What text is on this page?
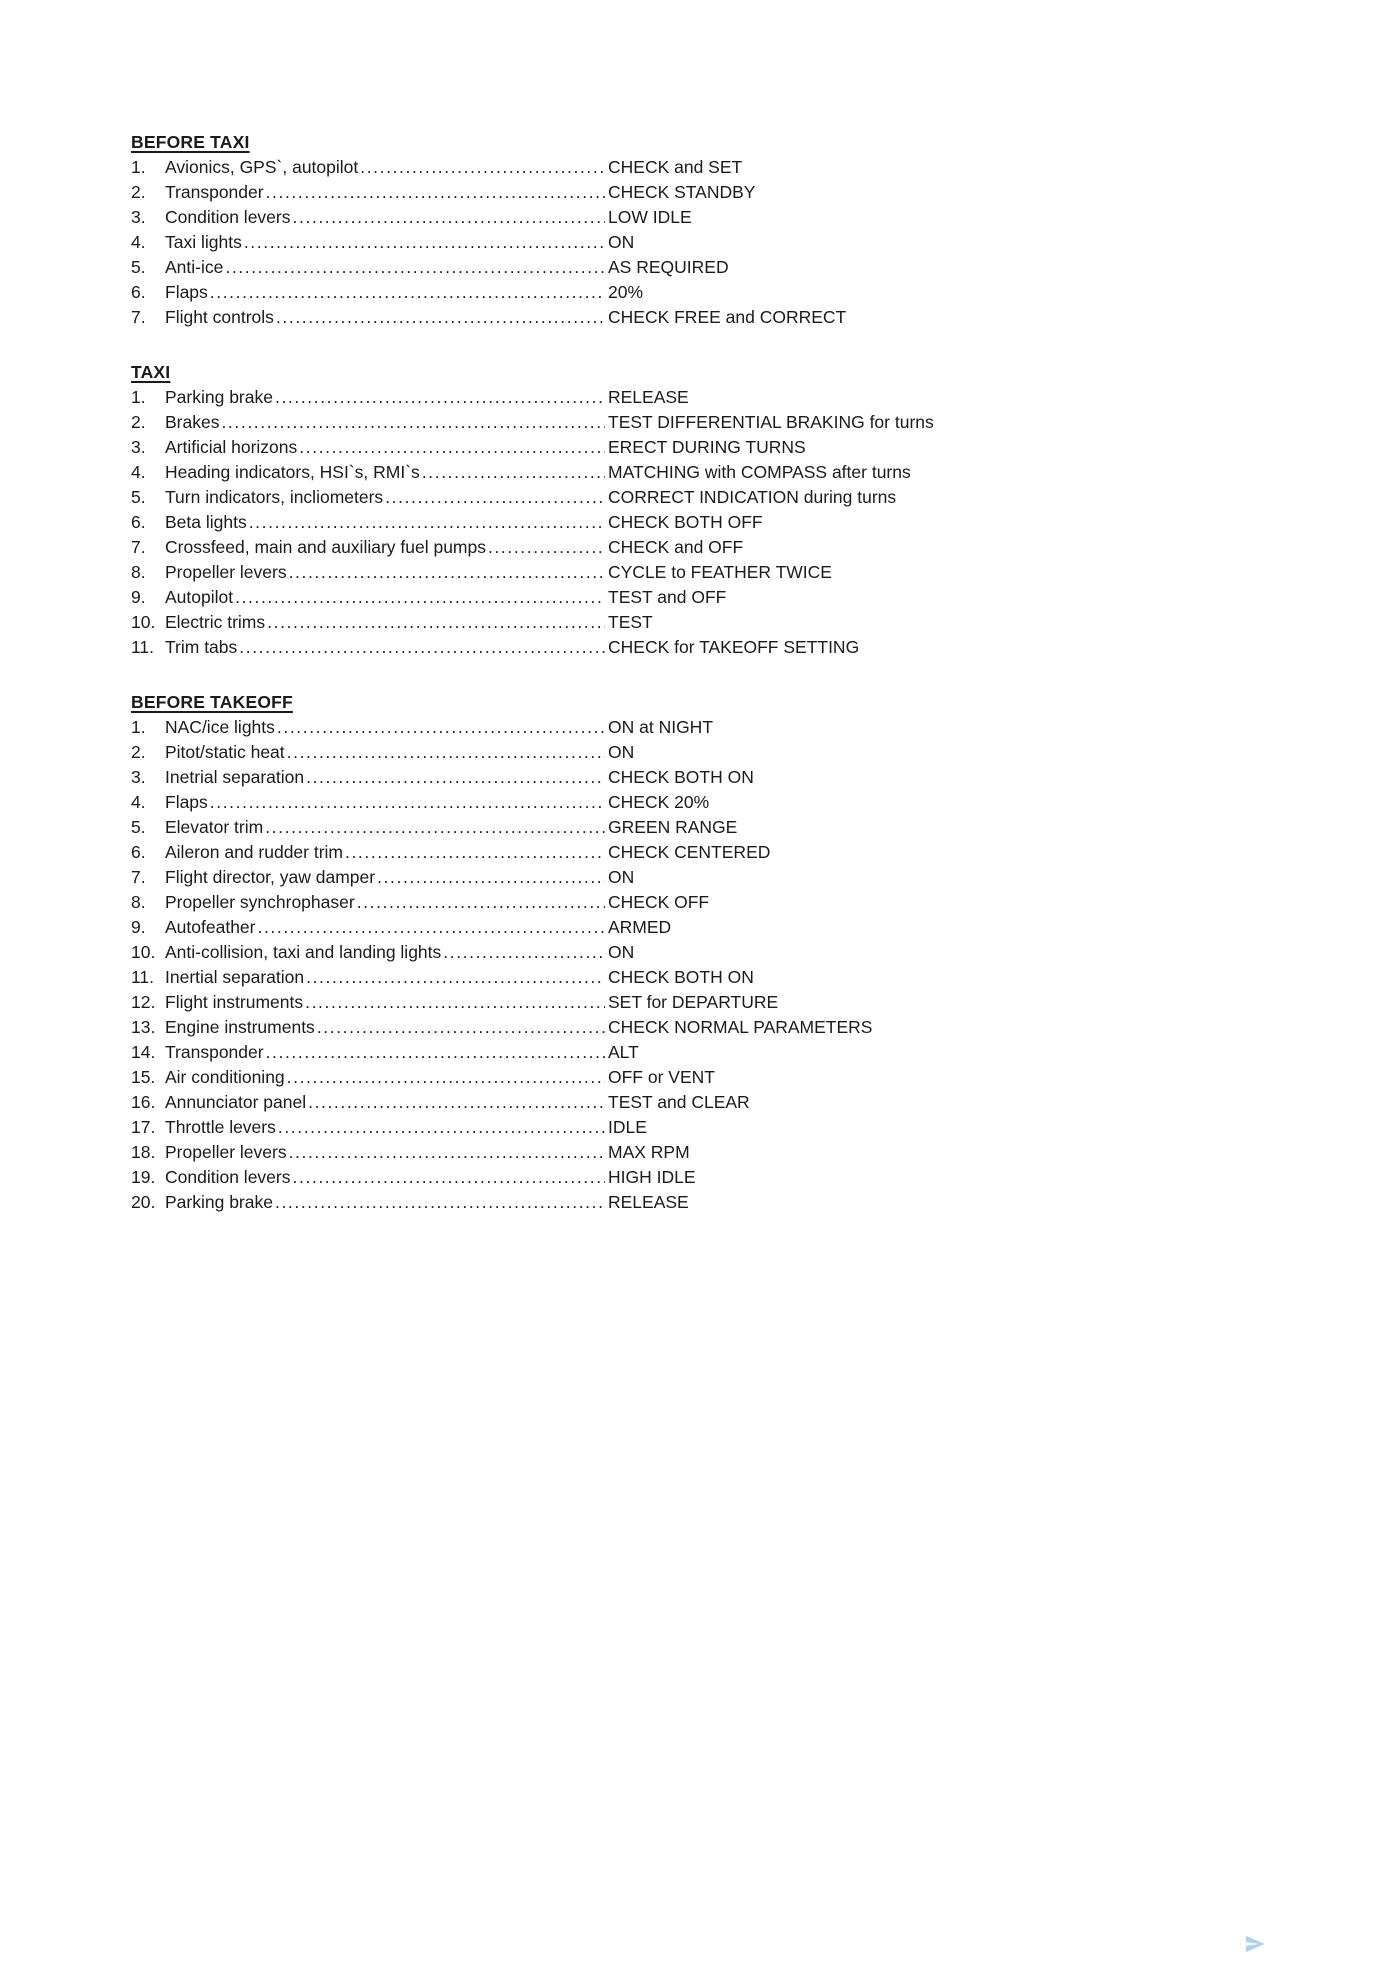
BEFORE TAXI
1.	Avionics, GPS`, autopilot .....	CHECK and SET
2.	Transponder .....	CHECK STANDBY
3.	Condition levers .....	LOW IDLE
4.	Taxi lights .....	ON
5.	Anti-ice .....	AS REQUIRED
6.	Flaps .....	20%
7.	Flight controls .....	CHECK FREE and CORRECT
TAXI
1.	Parking brake .....	RELEASE
2.	Brakes .....	TEST DIFFERENTIAL BRAKING for turns
3.	Artificial horizons .....	ERECT DURING TURNS
4.	Heading indicators, HSI`s, RMI`s .....	MATCHING with COMPASS after turns
5.	Turn indicators, incliometers .....	CORRECT INDICATION during turns
6.	Beta lights .....	CHECK BOTH OFF
7.	Crossfeed, main and auxiliary fuel pumps .....	CHECK and OFF
8.	Propeller levers .....	CYCLE to FEATHER TWICE
9.	Autopilot .....	TEST and OFF
10. Electric trims .....	TEST
11. Trim tabs .....	CHECK for TAKEOFF SETTING
BEFORE TAKEOFF
1.	NAC/ice lights .....	ON at NIGHT
2.	Pitot/static heat .....	ON
3.	Inetrial separation .....	CHECK BOTH ON
4.	Flaps .....	CHECK 20%
5.	Elevator trim .....	GREEN RANGE
6.	Aileron and rudder trim .....	CHECK CENTERED
7.	Flight director, yaw damper .....	ON
8.	Propeller synchrophaser .....	CHECK OFF
9.	Autofeather .....	ARMED
10. Anti-collision, taxi and landing lights .....	ON
11. Inertial separation .....	CHECK BOTH ON
12. Flight instruments .....	SET for DEPARTURE
13. Engine instruments .....	CHECK NORMAL PARAMETERS
14. Transponder .....	ALT
15. Air conditioning .....	OFF or VENT
16. Annunciator panel .....	TEST and CLEAR
17. Throttle levers .....	IDLE
18. Propeller levers .....	MAX RPM
19. Condition levers .....	HIGH IDLE
20. Parking brake .....	RELEASE
